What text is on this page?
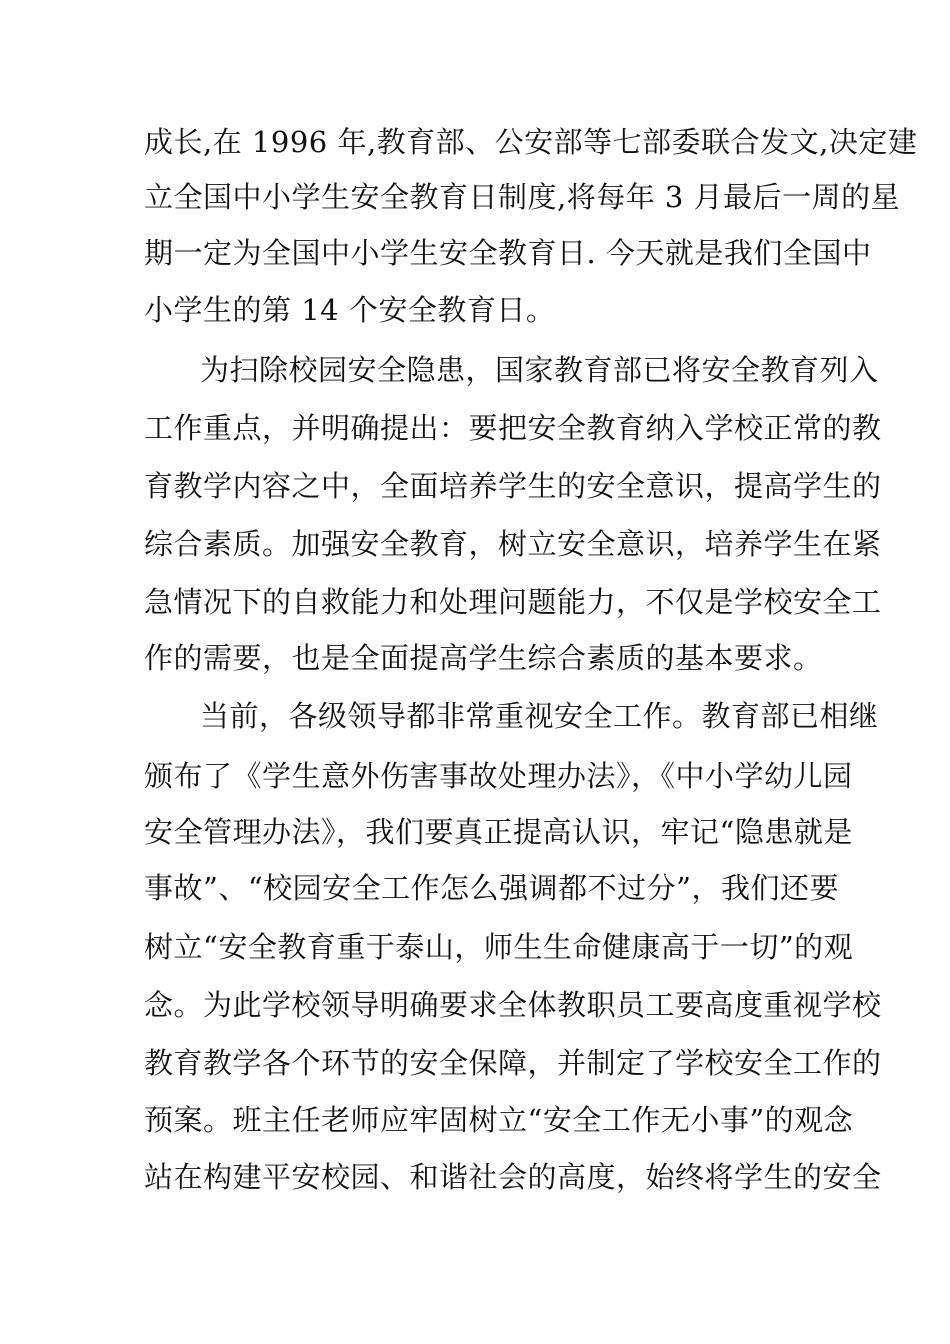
成长,在 1996 年,教育部、公安部等七部委联合发文,决定建
立全国中小学生安全教育日制度,将每年 3 月最后一周的星
期一定为全国中小学生安全教育日. 今天就是我们全国中
小学生的第 14 个安全教育日。
为扫除校园安全隐患，国家教育部已将安全教育列入
工作重点，并明确提出：要把安全教育纳入学校正常的教
育教学内容之中，全面培养学生的安全意识，提高学生的
综合素质。加强安全教育，树立安全意识，培养学生在紧
急情况下的自救能力和处理问题能力，不仅是学校安全工
作的需要，也是全面提高学生综合素质的基本要求。
当前，各级领导都非常重视安全工作。教育部已相继
颁布了《学生意外伤害事故处理办法》，《中小学幼儿园
安全管理办法》，我们要真正提高认识，牢记“隐患就是
事故”、“校园安全工作怎么强调都不过分”，我们还要
树立“安全教育重于泰山，师生生命健康高于一切”的观
念。为此学校领导明确要求全体教职员工要高度重视学校
教育教学各个环节的安全保障，并制定了学校安全工作的
预案。班主任老师应牢固树立“安全工作无小事”的观念
站在构建平安校园、和谐社会的高度，始终将学生的安全
